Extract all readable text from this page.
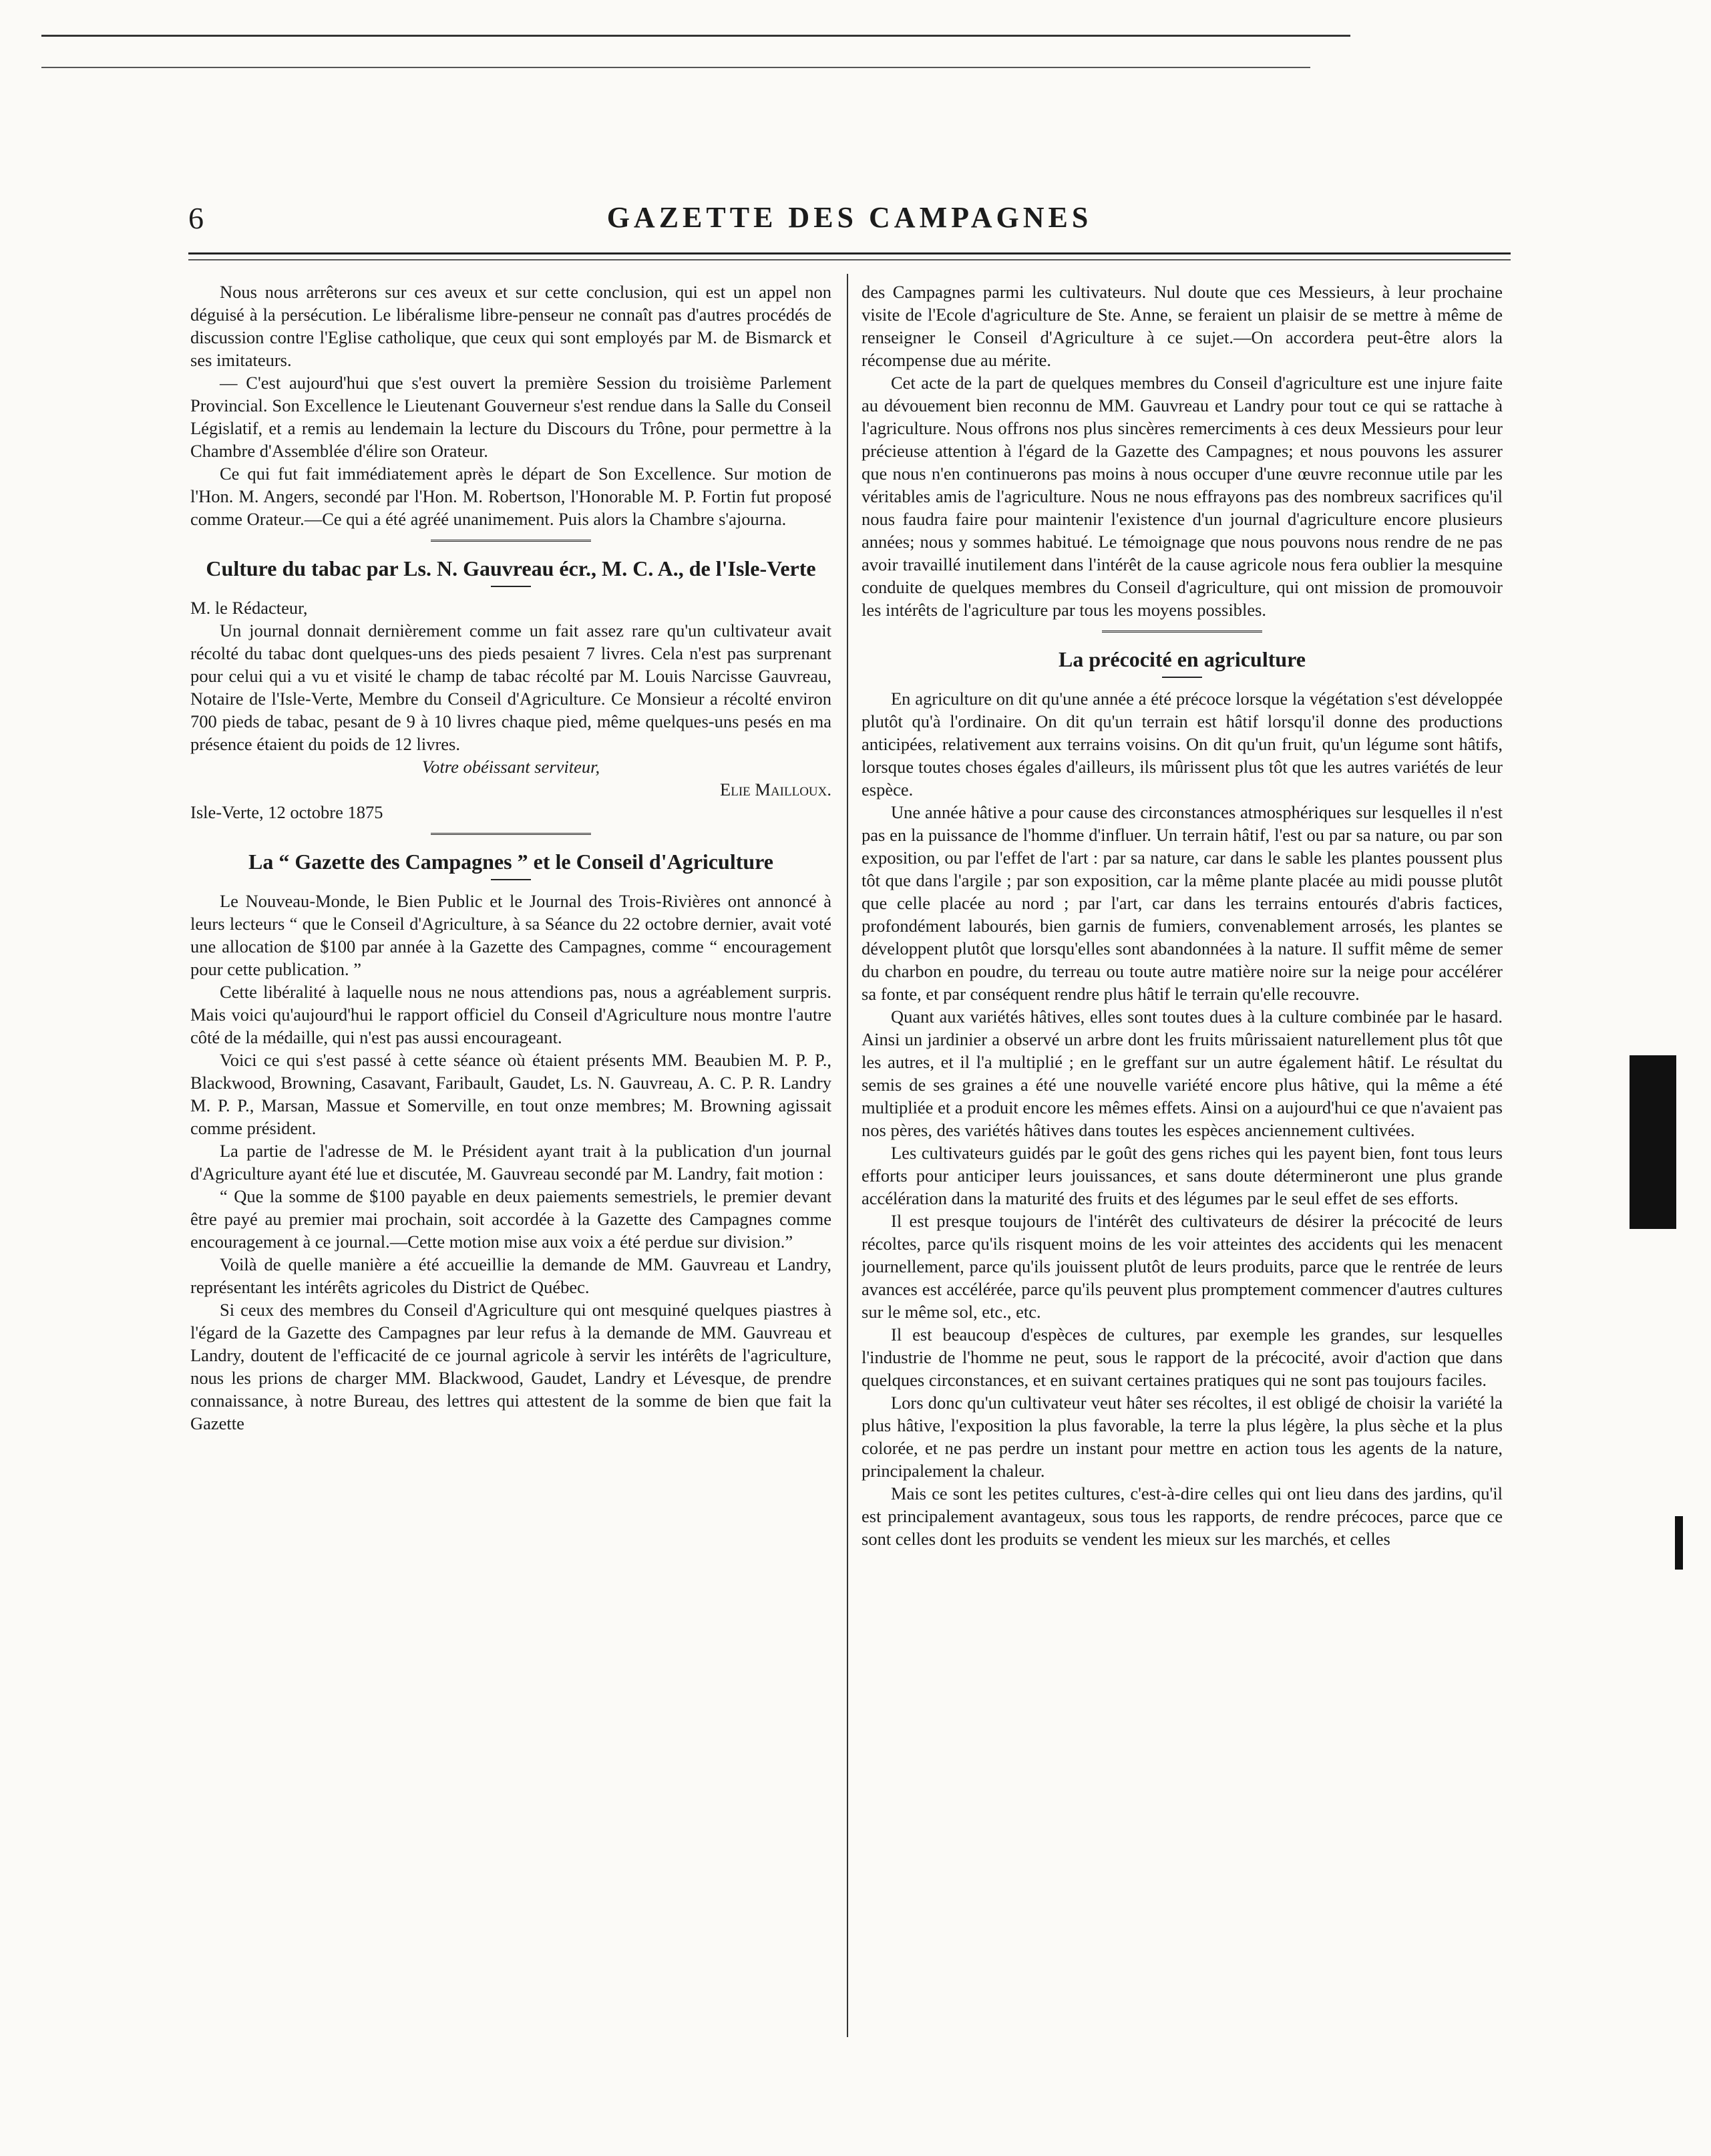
6	GAZETTE DES CAMPAGNES

Nous nous arrêterons sur ces aveux et sur cette conclusion, qui est un appel non déguisé à la persécution. Le libéralisme libre-penseur ne connaît pas d'autres procédés de discussion contre l'Eglise catholique, que ceux qui sont employés par M. de Bismarck et ses imitateurs.

— C'est aujourd'hui que s'est ouvert la première Session du troisième Parlement Provincial. Son Excellence le Lieutenant Gouverneur s'est rendue dans la Salle du Conseil Législatif, et a remis au lendemain la lecture du Discours du Trône, pour permettre à la Chambre d'Assemblée d'élire son Orateur.

Ce qui fut fait immédiatement après le départ de Son Excellence. Sur motion de l'Hon. M. Angers, secondé par l'Hon. M. Robertson, l'Honorable M. P. Fortin fut proposé comme Orateur.—Ce qui a été agréé unanimement. Puis alors la Chambre s'ajourna.

Culture du tabac par Ls. N. Gauvreau écr., M. C. A., de l'Isle-Verte

M. le Rédacteur,

Un journal donnait dernièrement comme un fait assez rare qu'un cultivateur avait récolté du tabac dont quelques-uns des pieds pesaient 7 livres. Cela n'est pas surprenant pour celui qui a vu et visité le champ de tabac récolté par M. Louis Narcisse Gauvreau, Notaire de l'Isle-Verte, Membre du Conseil d'Agriculture. Ce Monsieur a récolté environ 700 pieds de tabac, pesant de 9 à 10 livres chaque pied, même quelques-uns pesés en ma présence étaient du poids de 12 livres.

Votre obéissant serviteur,

Elie Mailloux.

Isle-Verte, 12 octobre 1875

La “ Gazette des Campagnes ” et le Conseil d'Agriculture

Le Nouveau-Monde, le Bien Public et le Journal des Trois-Rivières ont annoncé à leurs lecteurs “ que le Conseil d'Agriculture, à sa Séance du 22 octobre dernier, avait voté une allocation de $100 par année à la Gazette des Campagnes, comme “ encouragement pour cette publication. ”

Cette libéralité à laquelle nous ne nous attendions pas, nous a agréablement surpris. Mais voici qu'aujourd'hui le rapport officiel du Conseil d'Agriculture nous montre l'autre côté de la médaille, qui n'est pas aussi encourageant.

Voici ce qui s'est passé à cette séance où étaient présents MM. Beaubien M. P. P., Blackwood, Browning, Casavant, Faribault, Gaudet, Ls. N. Gauvreau, A. C. P. R. Landry M. P. P., Marsan, Massue et Somerville, en tout onze membres; M. Browning agissait comme président.

La partie de l'adresse de M. le Président ayant trait à la publication d'un journal d'Agriculture ayant été lue et discutée, M. Gauvreau secondé par M. Landry, fait motion :

“ Que la somme de $100 payable en deux paiements semestriels, le premier devant être payé au premier mai prochain, soit accordée à la Gazette des Campagnes comme encouragement à ce journal.—Cette motion mise aux voix a été perdue sur division.”

Voilà de quelle manière a été accueillie la demande de MM. Gauvreau et Landry, représentant les intérêts agricoles du District de Québec.

Si ceux des membres du Conseil d'Agriculture qui ont mesquiné quelques piastres à l'égard de la Gazette des Campagnes par leur refus à la demande de MM. Gauvreau et Landry, doutent de l'efficacité de ce journal agricole à servir les intérêts de l'agriculture, nous les prions de charger MM. Blackwood, Gaudet, Landry et Lévesque, de prendre connaissance, à notre Bureau, des lettres qui attestent de la somme de bien que fait la Gazette

des Campagnes parmi les cultivateurs. Nul doute que ces Messieurs, à leur prochaine visite de l'Ecole d'agriculture de Ste. Anne, se feraient un plaisir de se mettre à même de renseigner le Conseil d'Agriculture à ce sujet.—On accordera peut-être alors la récompense due au mérite.

Cet acte de la part de quelques membres du Conseil d'agriculture est une injure faite au dévouement bien reconnu de MM. Gauvreau et Landry pour tout ce qui se rattache à l'agriculture. Nous offrons nos plus sincères remerciments à ces deux Messieurs pour leur précieuse attention à l'égard de la Gazette des Campagnes; et nous pouvons les assurer que nous n'en continuerons pas moins à nous occuper d'une œuvre reconnue utile par les véritables amis de l'agriculture. Nous ne nous effrayons pas des nombreux sacrifices qu'il nous faudra faire pour maintenir l'existence d'un journal d'agriculture encore plusieurs années; nous y sommes habitué. Le témoignage que nous pouvons nous rendre de ne pas avoir travaillé inutilement dans l'intérêt de la cause agricole nous fera oublier la mesquine conduite de quelques membres du Conseil d'agriculture, qui ont mission de promouvoir les intérêts de l'agriculture par tous les moyens possibles.

La précocité en agriculture

En agriculture on dit qu'une année a été précoce lorsque la végétation s'est développée plutôt qu'à l'ordinaire. On dit qu'un terrain est hâtif lorsqu'il donne des productions anticipées, relativement aux terrains voisins. On dit qu'un fruit, qu'un légume sont hâtifs, lorsque toutes choses égales d'ailleurs, ils mûrissent plus tôt que les autres variétés de leur espèce.

Une année hâtive a pour cause des circonstances atmosphériques sur lesquelles il n'est pas en la puissance de l'homme d'influer. Un terrain hâtif, l'est ou par sa nature, ou par son exposition, ou par l'effet de l'art : par sa nature, car dans le sable les plantes poussent plus tôt que dans l'argile ; par son exposition, car la même plante placée au midi pousse plutôt que celle placée au nord ; par l'art, car dans les terrains entourés d'abris factices, profondément labourés, bien garnis de fumiers, convenablement arrosés, les plantes se développent plutôt que lorsqu'elles sont abandonnées à la nature. Il suffit même de semer du charbon en poudre, du terreau ou toute autre matière noire sur la neige pour accélérer sa fonte, et par conséquent rendre plus hâtif le terrain qu'elle recouvre.

Quant aux variétés hâtives, elles sont toutes dues à la culture combinée par le hasard. Ainsi un jardinier a observé un arbre dont les fruits mûrissaient naturellement plus tôt que les autres, et il l'a multiplié ; en le greffant sur un autre également hâtif. Le résultat du semis de ses graines a été une nouvelle variété encore plus hâtive, qui la même a été multipliée et a produit encore les mêmes effets. Ainsi on a aujourd'hui ce que n'avaient pas nos pères, des variétés hâtives dans toutes les espèces anciennement cultivées.

Les cultivateurs guidés par le goût des gens riches qui les payent bien, font tous leurs efforts pour anticiper leurs jouissances, et sans doute détermineront une plus grande accélération dans la maturité des fruits et des légumes par le seul effet de ses efforts.

Il est presque toujours de l'intérêt des cultivateurs de désirer la précocité de leurs récoltes, parce qu'ils risquent moins de les voir atteintes des accidents qui les menacent journellement, parce qu'ils jouissent plutôt de leurs produits, parce que le rentrée de leurs avances est accélérée, parce qu'ils peuvent plus promptement commencer d'autres cultures sur le même sol, etc., etc.

Il est beaucoup d'espèces de cultures, par exemple les grandes, sur lesquelles l'industrie de l'homme ne peut, sous le rapport de la précocité, avoir d'action que dans quelques circonstances, et en suivant certaines pratiques qui ne sont pas toujours faciles.

Lors donc qu'un cultivateur veut hâter ses récoltes, il est obligé de choisir la variété la plus hâtive, l'exposition la plus favorable, la terre la plus légère, la plus sèche et la plus colorée, et ne pas perdre un instant pour mettre en action tous les agents de la nature, principalement la chaleur.

Mais ce sont les petites cultures, c'est-à-dire celles qui ont lieu dans des jardins, qu'il est principalement avantageux, sous tous les rapports, de rendre précoces, parce que ce sont celles dont les produits se vendent les mieux sur les marchés, et celles
